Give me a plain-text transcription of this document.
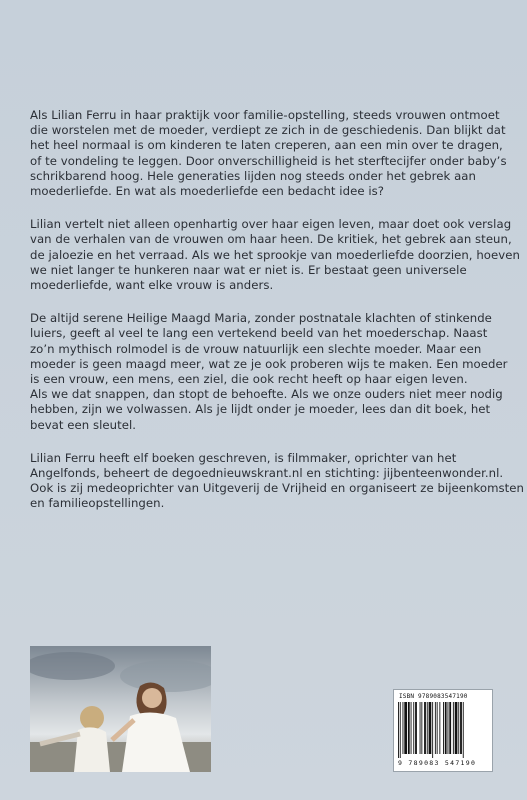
Als Lilian Ferru in haar praktijk voor familie-opstelling, steeds vrouwen ontmoet
die worstelen met de moeder, verdiept ze zich in de geschiedenis. Dan blijkt dat
het heel normaal is om kinderen te laten creperen, aan een min over te dragen,
of te vondeling te leggen. Door onverschilligheid is het sterftecijfer onder baby’s
schrikbarend hoog. Hele generaties lijden nog steeds onder het gebrek aan
moederliefde. En wat als moederliefde een bedacht idee is?

Lilian vertelt niet alleen openhartig over haar eigen leven, maar doet ook verslag
van de verhalen van de vrouwen om haar heen. De kritiek, het gebrek aan steun,
de jaloezie en het verraad. Als we het sprookje van moederliefde doorzien, hoeven
we niet langer te hunkeren naar wat er niet is. Er bestaat geen universele
moederliefde, want elke vrouw is anders.

De altijd serene Heilige Maagd Maria, zonder postnatale klachten of stinkende
luiers, geeft al veel te lang een vertekend beeld van het moederschap. Naast
zo’n mythisch rolmodel is de vrouw natuurlijk een slechte moeder. Maar een
moeder is geen maagd meer, wat ze je ook proberen wijs te maken. Een moeder
is een vrouw, een mens, een ziel, die ook recht heeft op haar eigen leven.
Als we dat snappen, dan stopt de behoefte. Als we onze ouders niet meer nodig
hebben, zijn we volwassen. Als je lijdt onder je moeder, lees dan dit boek, het
bevat een sleutel.

Lilian Ferru heeft elf boeken geschreven, is filmmaker, oprichter van het
Angelfonds, beheert de degoednieuwskrant.nl en stichting: jijbenteenwonder.nl.
Ook is zij medeoprichter van Uitgeverij de Vrijheid en organiseert ze bijeenkomsten
en familieopstellingen.

ISBN 9789083547190
9 789083 547190
